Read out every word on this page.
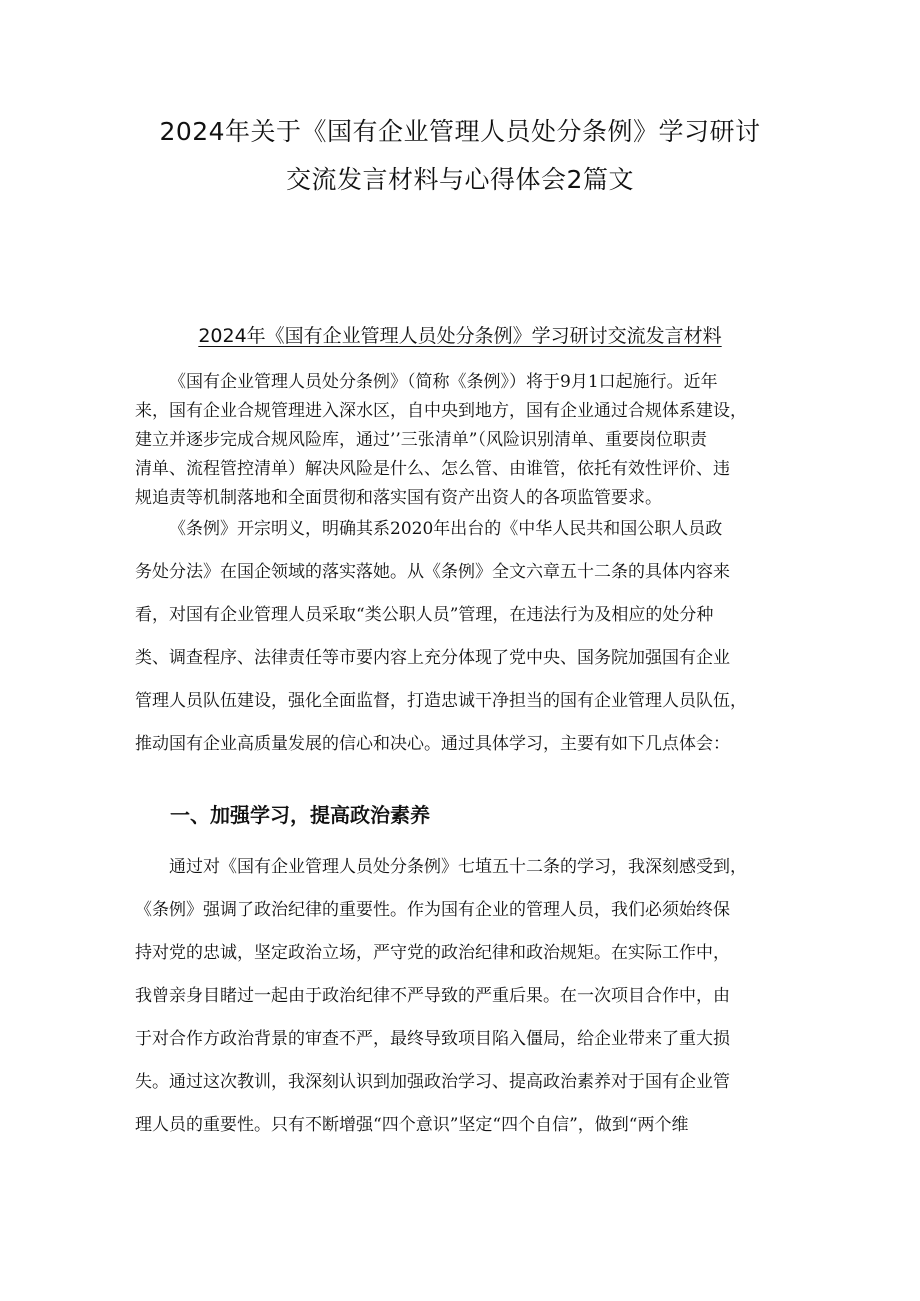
2024年关于《国有企业管理人员处分条例》学习研讨
交流发言材料与心得体会2篇文
2024年《国有企业管理人员处分条例》学习研讨交流发言材料
《国有企业管理人员处分条例》（简称《条例》）将于9月1口起施行。近年
来，国有企业合规管理进入深水区，自中央到地方，国有企业通过合规体系建设，
建立并逐步完成合规风险库，通过’’三张清单”（风险识别清单、重要岗位职责
清单、流程管控清单）解决风险是什么、怎么管、由谁管，依托有效性评价、违
规追责等机制落地和全面贯彻和落实国有资产出资人的各项监管要求。
《条例》开宗明义，明确其系2020年出台的《中华人民共和国公职人员政
务处分法》在国企领域的落实落她。从《条例》全文六章五十二条的具体内容来
看，对国有企业管理人员采取“类公职人员”管理，在违法行为及相应的处分种
类、调查程序、法律责任等市要内容上充分体现了党中央、国务院加强国有企业
管理人员队伍建设，强化全面监督，打造忠诚干净担当的国有企业管理人员队伍，
推动国有企业高质量发展的信心和决心。通过具体学习，主要有如下几点体会：
一、加强学习，提高政治素养
通过对《国有企业管理人员处分条例》七埴五十二条的学习，我深刻感受到，
《条例》强调了政治纪律的重要性。作为国有企业的管理人员，我们必须始终保
持对党的忠诚，坚定政治立场，严守党的政治纪律和政治规矩。在实际工作中，
我曾亲身目睹过一起由于政治纪律不严导致的严重后果。在一次项目合作中，由
于对合作方政治背景的审查不严，最终导致项目陷入僵局，给企业带来了重大损
失。通过这次教训，我深刻认识到加强政治学习、提高政治素养对于国有企业管
理人员的重要性。只有不断增强“四个意识”坚定“四个自信”，做到“两个维
